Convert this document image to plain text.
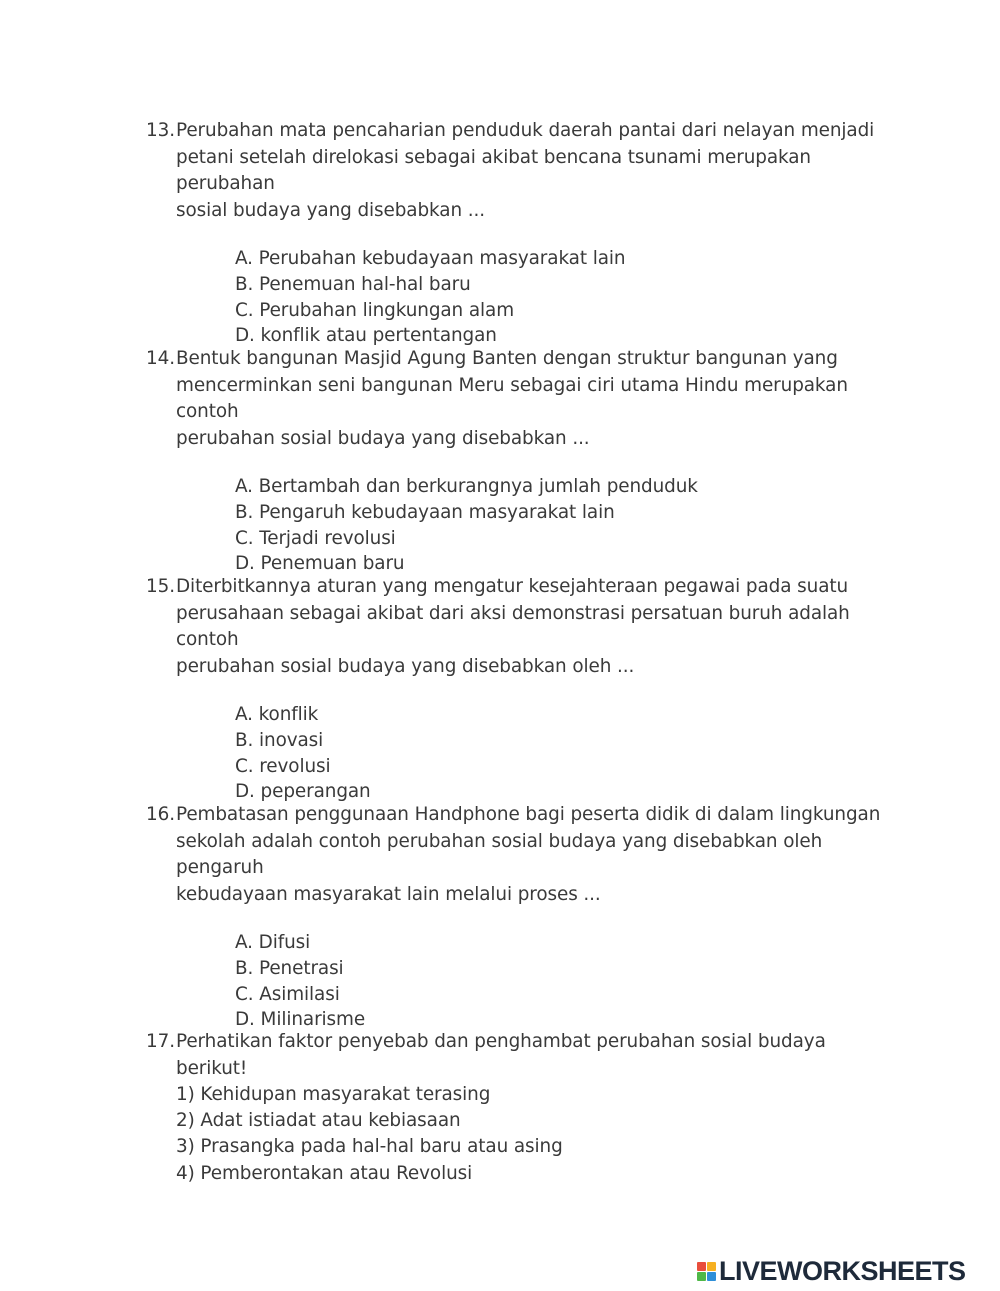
13. Perubahan mata pencaharian penduduk daerah pantai dari nelayan menjadi
petani setelah direlokasi sebagai akibat bencana tsunami merupakan perubahan
sosial budaya yang disebabkan ...
A. Perubahan kebudayaan masyarakat lain
B. Penemuan hal-hal baru
C. Perubahan lingkungan alam
D. konflik atau pertentangan
14. Bentuk bangunan Masjid Agung Banten dengan struktur bangunan yang
mencerminkan seni bangunan Meru sebagai ciri utama Hindu merupakan contoh
perubahan sosial budaya yang disebabkan ...
A. Bertambah dan berkurangnya jumlah penduduk
B. Pengaruh kebudayaan masyarakat lain
C. Terjadi revolusi
D. Penemuan baru
15. Diterbitkannya aturan yang mengatur kesejahteraan pegawai pada suatu
perusahaan sebagai akibat dari aksi demonstrasi persatuan buruh adalah contoh
perubahan sosial budaya yang disebabkan oleh ...
A. konflik
B. inovasi
C. revolusi
D. peperangan
16. Pembatasan penggunaan Handphone bagi peserta didik di dalam lingkungan
sekolah adalah contoh perubahan sosial budaya yang disebabkan oleh pengaruh
kebudayaan masyarakat lain melalui proses ...
A. Difusi
B. Penetrasi
C. Asimilasi
D. Milinarisme
17. Perhatikan faktor penyebab dan penghambat perubahan sosial budaya berikut!
1) Kehidupan masyarakat terasing
2) Adat istiadat atau kebiasaan
3) Prasangka pada hal-hal baru atau asing
4) Pemberontakan atau Revolusi
LIVEWORKSHEETS
